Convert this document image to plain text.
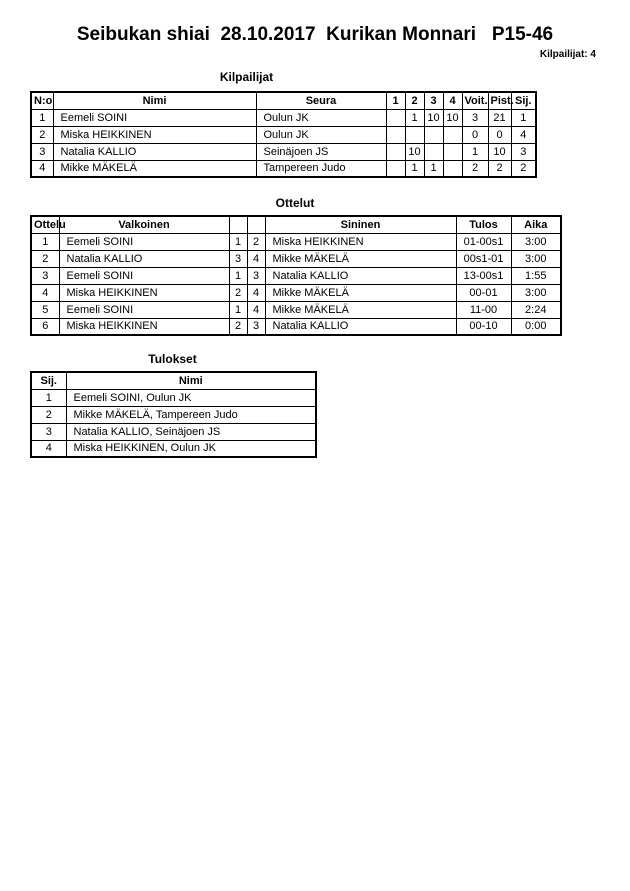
Seibukan shiai  28.10.2017  Kurikan Monnari   P15-46
Kilpailijat: 4
Kilpailijat
N:o	Nimi	Seura	1	2	3	4	Voit.	Pist.	Sij.
1	Eemeli SOINI	Oulun JK		1	10	10	3	21	1
2	Miska HEIKKINEN	Oulun JK					0	0	4
3	Natalia KALLIO	Seinäjoen JS		10			1	10	3
4	Mikke MÄKELÄ	Tampereen Judo		1	1		2	2	2
Ottelut
Ottelu	Valkoinen			Sininen	Tulos	Aika
1	Eemeli SOINI	1	2	Miska HEIKKINEN	01-00s1	3:00
2	Natalia KALLIO	3	4	Mikke MÄKELÄ	00s1-01	3:00
3	Eemeli SOINI	1	3	Natalia KALLIO	13-00s1	1:55
4	Miska HEIKKINEN	2	4	Mikke MÄKELÄ	00-01	3:00
5	Eemeli SOINI	1	4	Mikke MÄKELÄ	11-00	2:24
6	Miska HEIKKINEN	2	3	Natalia KALLIO	00-10	0:00
Tulokset
Sij.	Nimi
1	Eemeli SOINI, Oulun JK
2	Mikke MÄKELÄ, Tampereen Judo
3	Natalia KALLIO, Seinäjoen JS
4	Miska HEIKKINEN, Oulun JK
